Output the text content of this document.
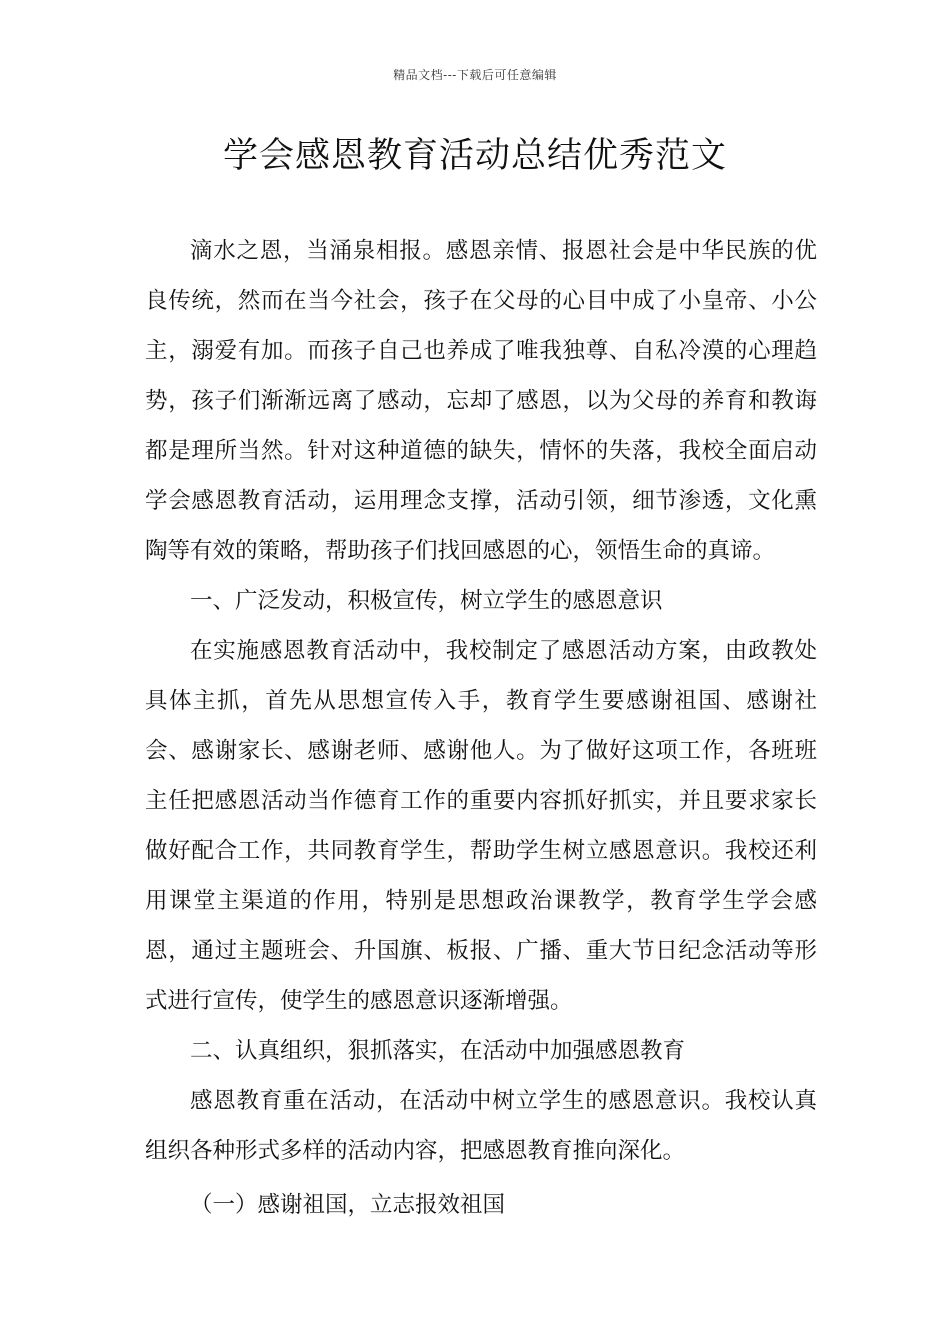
精品文档---下载后可任意编辑
学会感恩教育活动总结优秀范文

滴水之恩，当涌泉相报。感恩亲情、报恩社会是中华民族的优良传统，然而在当今社会，孩子在父母的心目中成了小皇帝、小公主，溺爱有加。而孩子自己也养成了唯我独尊、自私冷漠的心理趋势，孩子们渐渐远离了感动，忘却了感恩，以为父母的养育和教诲都是理所当然。针对这种道德的缺失，情怀的失落，我校全面启动学会感恩教育活动，运用理念支撑，活动引领，细节渗透，文化熏陶等有效的策略，帮助孩子们找回感恩的心，领悟生命的真谛。

一、广泛发动，积极宣传，树立学生的感恩意识

在实施感恩教育活动中，我校制定了感恩活动方案，由政教处具体主抓，首先从思想宣传入手，教育学生要感谢祖国、感谢社会、感谢家长、感谢老师、感谢他人。为了做好这项工作，各班班主任把感恩活动当作德育工作的重要内容抓好抓实，并且要求家长做好配合工作，共同教育学生，帮助学生树立感恩意识。我校还利用课堂主渠道的作用，特别是思想政治课教学，教育学生学会感恩，通过主题班会、升国旗、板报、广播、重大节日纪念活动等形式进行宣传，使学生的感恩意识逐渐增强。

二、认真组织，狠抓落实，在活动中加强感恩教育

感恩教育重在活动，在活动中树立学生的感恩意识。我校认真组织各种形式多样的活动内容，把感恩教育推向深化。

（一）感谢祖国，立志报效祖国
